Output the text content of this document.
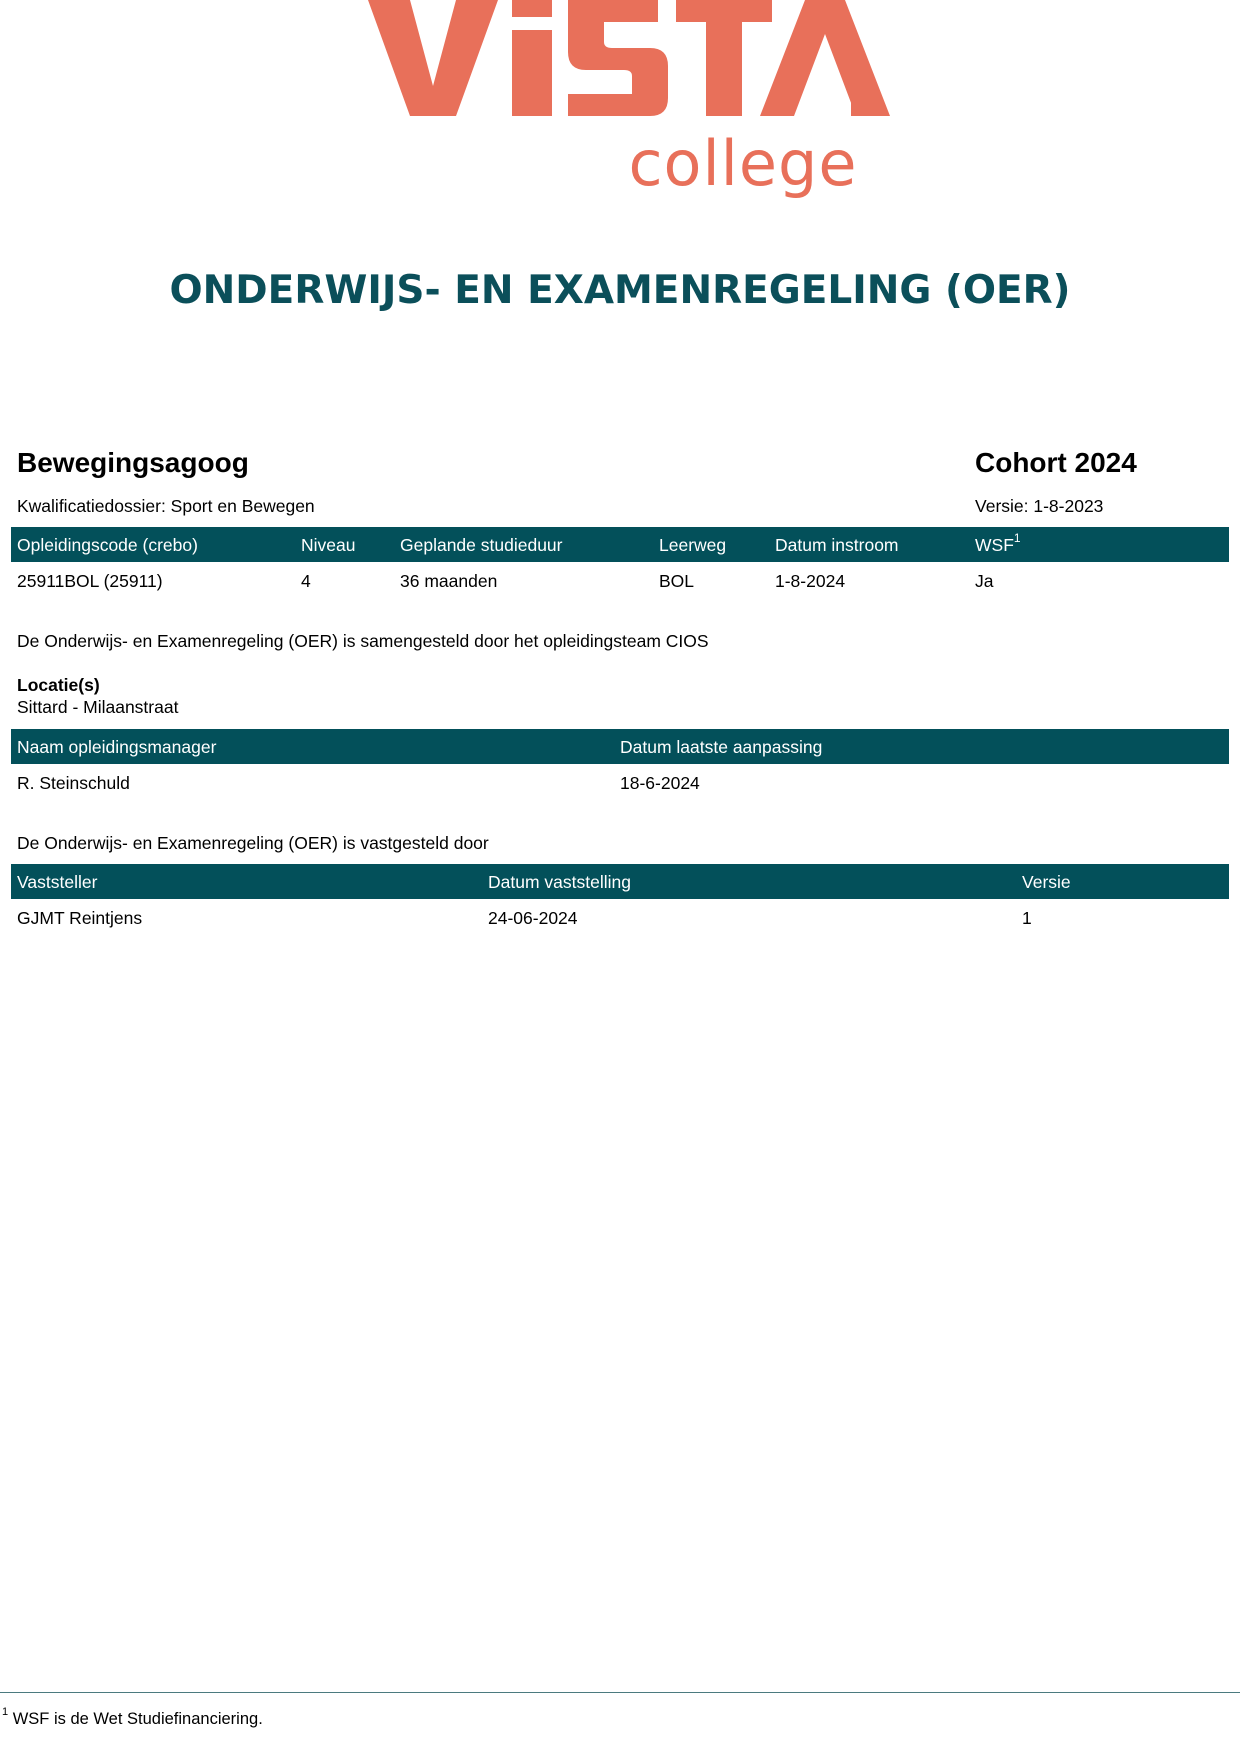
college
ONDERWIJS- EN EXAMENREGELING (OER)

Bewegingsagoog	Cohort 2024

Kwalificatiedossier: Sport en Bewegen	Versie: 1-8-2023

Opleidingscode (crebo)	Niveau	Geplande studieduur	Leerweg	Datum instroom	WSF$^1$
25911BOL (25911)	4	36 maanden	BOL	1-8-2024	Ja

De Onderwijs- en Examenregeling (OER) is samengesteld door het opleidingsteam CIOS

Locatie(s)

Sittard - Milaanstraat

Naam opleidingsmanager	Datum laatste aanpassing
R. Steinschuld	18-6-2024

De Onderwijs- en Examenregeling (OER) is vastgesteld door

Vaststeller	Datum vaststelling	Versie
GJMT Reintjens	24-06-2024	1

$^1$ WSF is de Wet Studiefinanciering.
